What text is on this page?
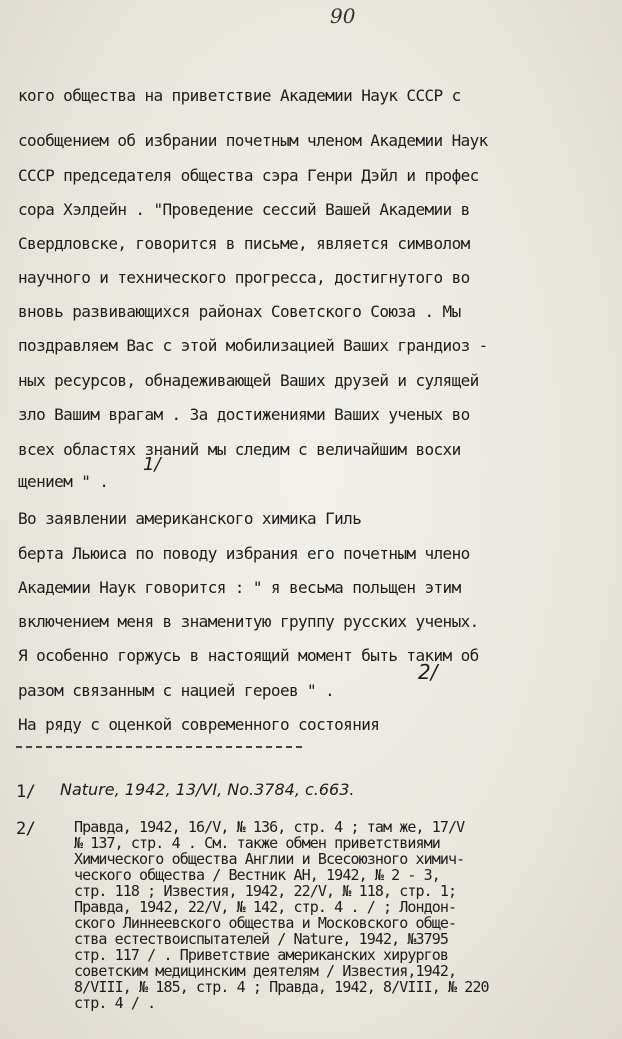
90
кого общества на приветствие Академии Наук СССР с
сообщением об избрании почетным членом Академии Наук
СССР председателя общества сэра Генри Дэйл и профес
сора Хэлдейн . "Проведение сессий Вашей Академии в
Свердловске, говорится в письме, является символом
научного и технического прогресса, достигнутого во
вновь развивающихся районах Советского Союза . Мы
поздравляем Вас с этой мобилизацией Ваших грандиоз -
ных ресурсов, обнадеживающей Ваших друзей и сулящей
зло Вашим врагам . За достижениями Ваших ученых во
всех областях знаний мы следим с величайшим восхи
щением " .
1/
Во заявлении американского химика Гиль
берта Льюиса по поводу избрания его почетным члено
Академии Наук говорится : " я весьма польщен этим
включением меня в знаменитую группу русских ученых.
Я особенно горжусь в настоящий момент быть таким об
разом связанным с нацией героев " .
2/
На ряду с оценкой современного состояния
1/ Nature, 1942, 13/VI, No.3784, c.663.
2/	Правда, 1942, 16/V, № 136, стр. 4 ; там же, 17/V
№ 137, стр. 4 . См. также обмен приветствиями
Химического общества Англии и Всесоюзного химич-
ческого общества / Вестник АН, 1942, № 2 - 3,
стр. 118 ; Известия, 1942, 22/V, № 118, стр. 1;
Правда, 1942, 22/V, № 142, стр. 4 . / ; Лондон-
ского Линнеевского общества и Московского обще-
ства естествоиспытателей / Nature, 1942, №3795
стр. 117 / . Приветствие американских хирургов
советским медицинским деятелям / Известия,1942,
8/VIII, № 185, стр. 4 ; Правда, 1942, 8/VIII, № 220
стр. 4 / .
